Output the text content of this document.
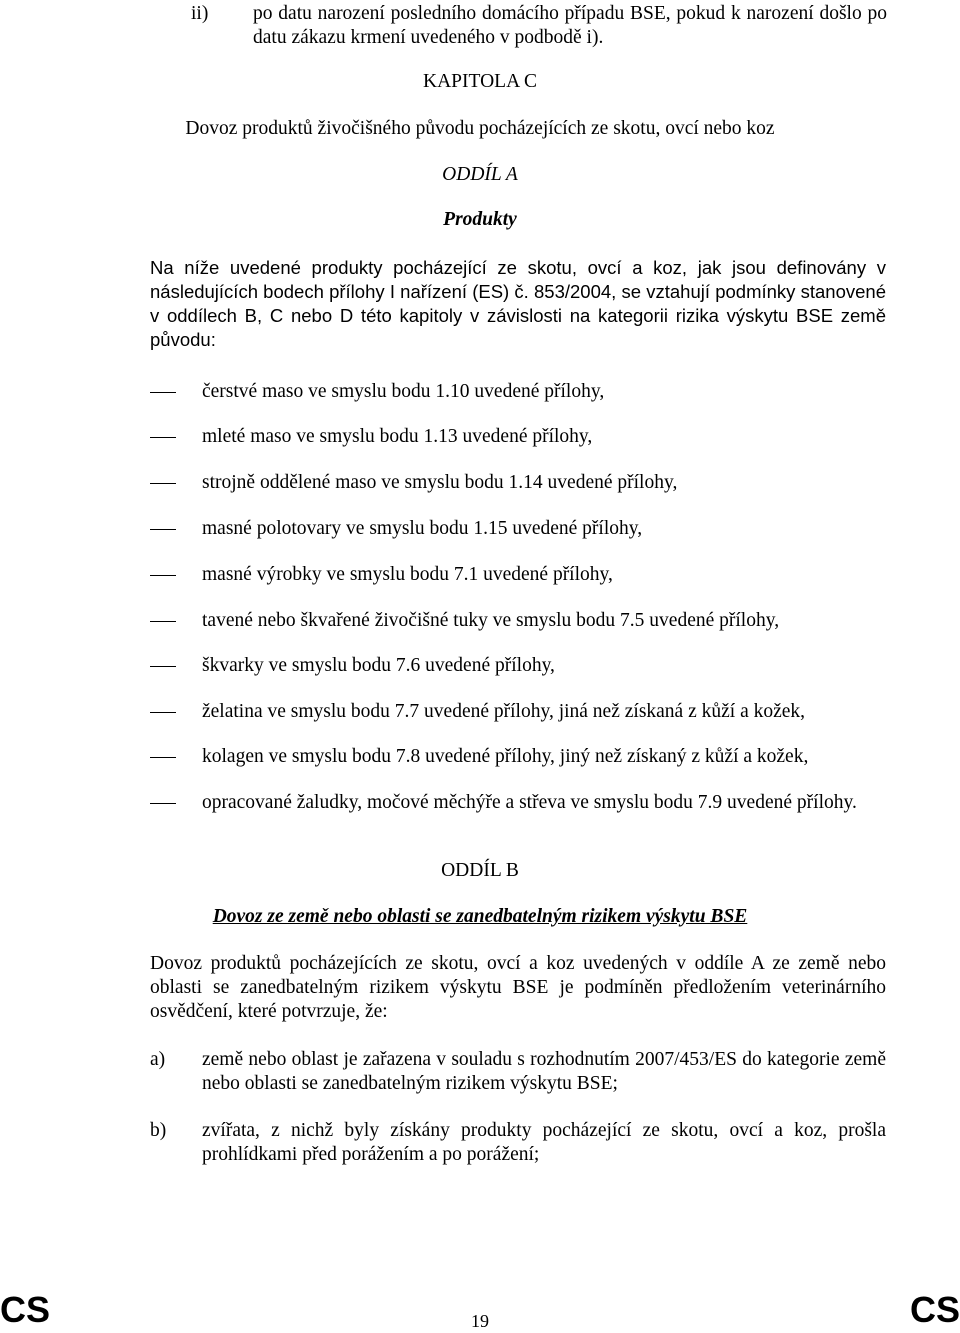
ii) po datu narození posledního domácího případu BSE, pokud k narození došlo po datu zákazu krmení uvedeného v podbodě i).
KAPITOLA C
Dovoz produktů živočišného původu pocházejících ze skotu, ovcí nebo koz
ODDÍL A
Produkty
Na níže uvedené produkty pocházející ze skotu, ovcí a koz, jak jsou definovány v následujících bodech přílohy I nařízení (ES) č. 853/2004, se vztahují podmínky stanovené v oddílech B, C nebo D této kapitoly v závislosti na kategorii rizika výskytu BSE země původu:
čerstvé maso ve smyslu bodu 1.10 uvedené přílohy,
mleté maso ve smyslu bodu 1.13 uvedené přílohy,
strojně oddělené maso ve smyslu bodu 1.14 uvedené přílohy,
masné polotovary ve smyslu bodu 1.15 uvedené přílohy,
masné výrobky ve smyslu bodu 7.1 uvedené přílohy,
tavené nebo škvařené živočišné tuky ve smyslu bodu 7.5 uvedené přílohy,
škvarky ve smyslu bodu 7.6 uvedené přílohy,
želatina ve smyslu bodu 7.7 uvedené přílohy, jiná než získaná z kůží a kožek,
kolagen ve smyslu bodu 7.8 uvedené přílohy, jiný než získaný z kůží a kožek,
opracované žaludky, močové měchýře a střeva ve smyslu bodu 7.9 uvedené přílohy.
ODDÍL B
Dovoz ze země nebo oblasti se zanedbatelným rizikem výskytu BSE
Dovoz produktů pocházejících ze skotu, ovcí a koz uvedených v oddíle A ze země nebo oblasti se zanedbatelným rizikem výskytu BSE je podmíněn předložením veterinárního osvědčení, které potvrzuje, že:
a) země nebo oblast je zařazena v souladu s rozhodnutím 2007/453/ES do kategorie země nebo oblasti se zanedbatelným rizikem výskytu BSE;
b) zvířata, z nichž byly získány produkty pocházející ze skotu, ovcí a koz, prošla prohlídkami před porážením a po porážení;
CS	19	CS
